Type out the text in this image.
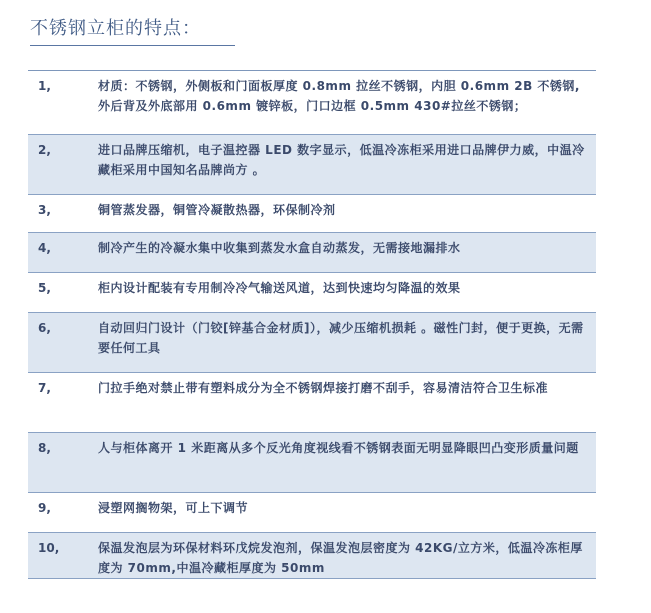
不锈钢立柜的特点：
1,	材质：不锈钢，外侧板和门面板厚度 0.8mm 拉丝不锈钢，内胆 0.6mm 2B 不锈钢,外后背及外底部用 0.6mm 镀锌板，门口边框 0.5mm 430#拉丝不锈钢；
2,	进口品牌压缩机，电子温控器 LED 数字显示，低温冷冻柜采用进口品牌伊力威，中温冷藏柜采用中国知名品牌尚方 。
3,	铜管蒸发器，铜管冷凝散热器，环保制冷剂
4,	制冷产生的冷凝水集中收集到蒸发水盒自动蒸发，无需接地漏排水
5,	柜内设计配装有专用制冷冷气输送风道，达到快速均匀降温的效果
6,	自动回归门设计（门铰[锌基合金材质]），减少压缩机损耗 。磁性门封，便于更换，无需要任何工具
7,	门拉手绝对禁止带有塑料成分为全不锈钢焊接打磨不刮手，容易清洁符合卫生标准
8,	人与柜体离开 1 米距离从多个反光角度视线看不锈钢表面无明显降眼凹凸变形质量问题
9,	浸塑网搁物架，可上下调节
10,	保温发泡层为环保材料环戊烷发泡剂，保温发泡层密度为 42KG/立方米，低温冷冻柜厚度为 70mm,中温冷藏柜厚度为 50mm
